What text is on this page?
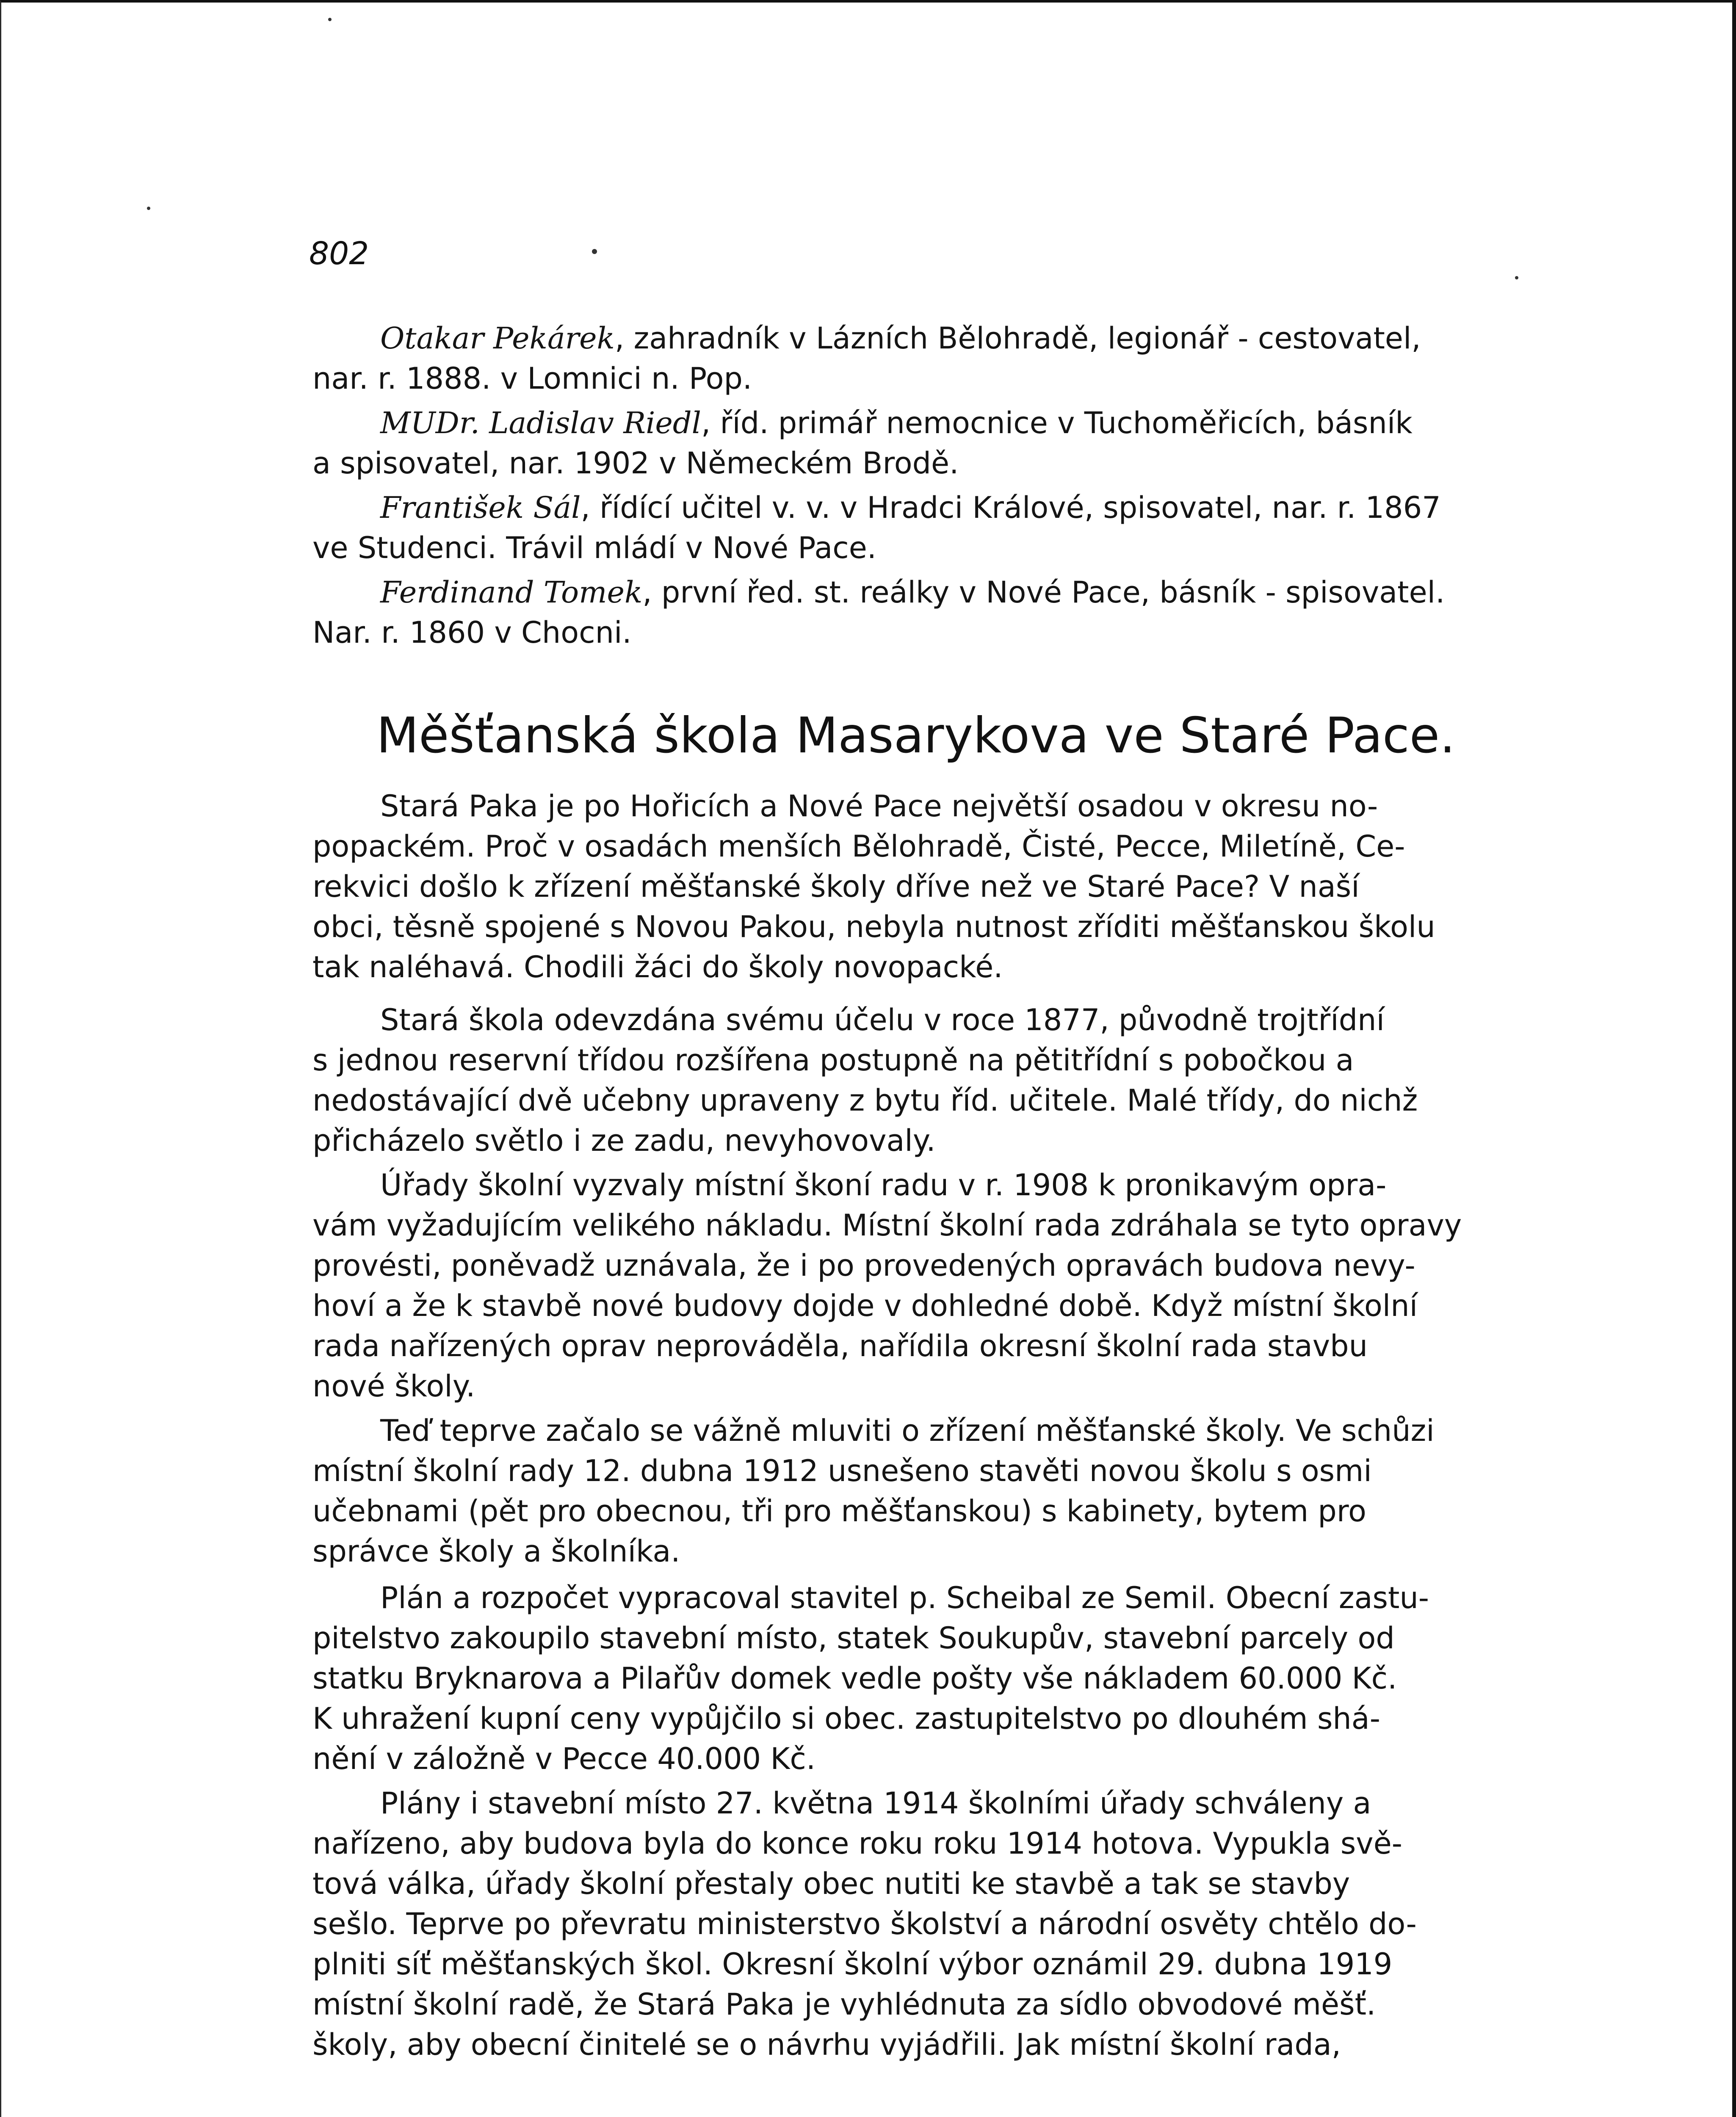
802

Otakar Pekárek, zahradník v Lázních Bělohradě, legionář - cestovatel,
nar. r. 1888. v Lomnici n. Pop.

MUDr. Ladislav Riedl, říd. primář nemocnice v Tuchoměřicích, básník
a spisovatel, nar. 1902 v Německém Brodě.

František Sál, řídící učitel v. v. v Hradci Králové, spisovatel, nar. r. 1867
ve Studenci. Trávil mládí v Nové Pace.

Ferdinand Tomek, první řed. st. reálky v Nové Pace, básník - spisovatel.
Nar. r. 1860 v Chocni.

Měšťanská škola Masarykova ve Staré Pace.

Stará Paka je po Hořicích a Nové Pace největší osadou v okresu no-
popackém. Proč v osadách menších Bělohradě, Čisté, Pecce, Miletíně, Ce-
rekvici došlo k zřízení měšťanské školy dříve než ve Staré Pace? V naší
obci, těsně spojené s Novou Pakou, nebyla nutnost zříditi měšťanskou školu
tak naléhavá. Chodili žáci do školy novopacké.

Stará škola odevzdána svému účelu v roce 1877, původně trojtřídní
s jednou reservní třídou rozšířena postupně na pětitřídní s pobočkou a
nedostávající dvě učebny upraveny z bytu říd. učitele. Malé třídy, do nichž
přicházelo světlo i ze zadu, nevyhovovaly.

Úřady školní vyzvaly místní škoní radu v r. 1908 k pronikavým opra-
vám vyžadujícím velikého nákladu. Místní školní rada zdráhala se tyto opravy
provésti, poněvadž uznávala, že i po provedených opravách budova nevy-
hoví a že k stavbě nové budovy dojde v dohledné době. Když místní školní
rada nařízených oprav neprováděla, nařídila okresní školní rada stavbu
nové školy.

Teď teprve začalo se vážně mluviti o zřízení měšťanské školy. Ve schůzi
místní školní rady 12. dubna 1912 usnešeno stavěti novou školu s osmi
učebnami (pět pro obecnou, tři pro měšťanskou) s kabinety, bytem pro
správce školy a školníka.

Plán a rozpočet vypracoval stavitel p. Scheibal ze Semil. Obecní zastu-
pitelstvo zakoupilo stavební místo, statek Soukupův, stavební parcely od
statku Bryknarova a Pilařův domek vedle pošty vše nákladem 60.000 Kč.
K uhražení kupní ceny vypůjčilo si obec. zastupitelstvo po dlouhém shá-
nění v záložně v Pecce 40.000 Kč.

Plány i stavební místo 27. května 1914 školními úřady schváleny a
nařízeno, aby budova byla do konce roku roku 1914 hotova. Vypukla svě-
tová válka, úřady školní přestaly obec nutiti ke stavbě a tak se stavby
sešlo. Teprve po převratu ministerstvo školství a národní osvěty chtělo do-
plniti síť měšťanských škol. Okresní školní výbor oznámil 29. dubna 1919
místní školní radě, že Stará Paka je vyhlédnuta za sídlo obvodové měšť.
školy, aby obecní činitelé se o návrhu vyjádřili. Jak místní školní rada,
